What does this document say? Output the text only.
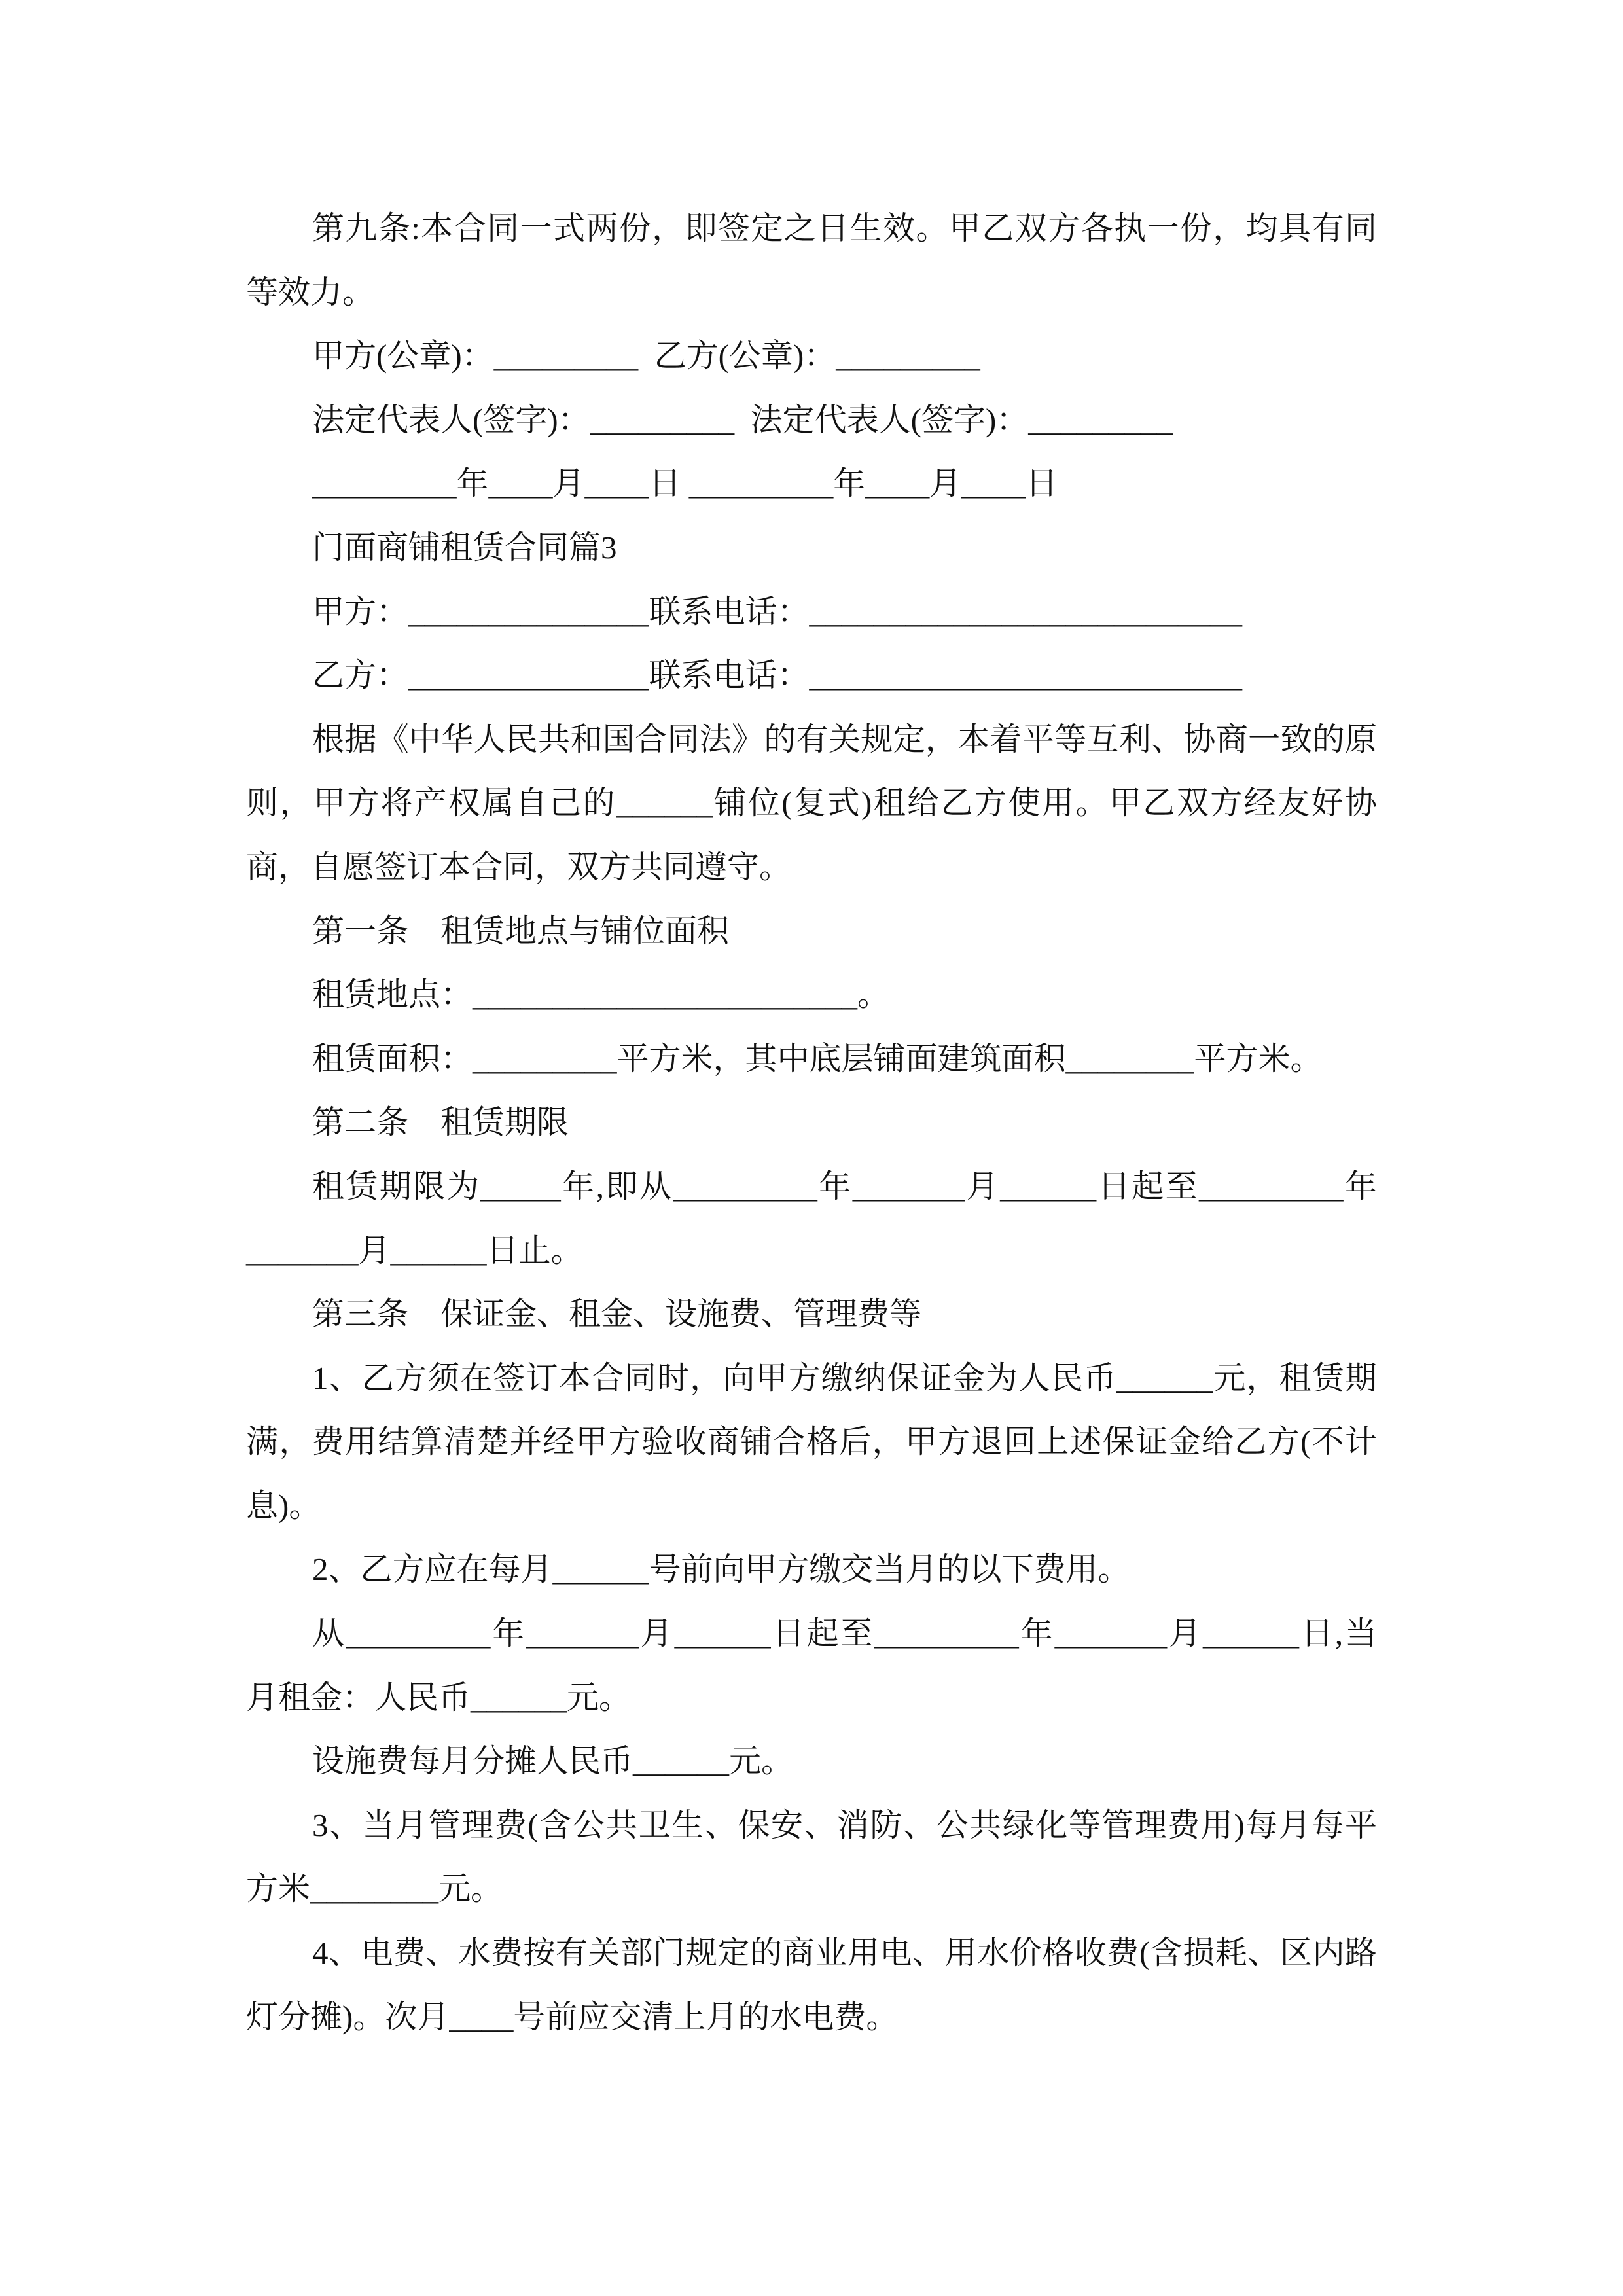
第九条:本合同一式两份，即签定之日生效。甲乙双方各执一份，均具有同
等效力。
甲方(公章)：_________  乙方(公章)：_________
法定代表人(签字)：_________  法定代表人(签字)：_________
_________年____月____日 _________年____月____日
门面商铺租赁合同篇3
甲方：_______________联系电话：___________________________
乙方：_______________联系电话：___________________________
根据《中华人民共和国合同法》的有关规定，本着平等互利、协商一致的原
则，甲方将产权属自己的______铺位(复式)租给乙方使用。甲乙双方经友好协
商，自愿签订本合同，双方共同遵守。
第一条　租赁地点与铺位面积
租赁地点：________________________。
租赁面积：_________平方米，其中底层铺面建筑面积________平方米。
第二条　租赁期限
租赁期限为_____年,即从_________年_______月______日起至_________年
_______月______日止。
第三条　保证金、租金、设施费、管理费等
1、乙方须在签订本合同时，向甲方缴纳保证金为人民币______元，租赁期
满，费用结算清楚并经甲方验收商铺合格后，甲方退回上述保证金给乙方(不计
息)。
2、乙方应在每月______号前向甲方缴交当月的以下费用。
从_________年_______月______日起至_________年_______月______日,当
月租金：人民币______元。
设施费每月分摊人民币______元。
3、当月管理费(含公共卫生、保安、消防、公共绿化等管理费用)每月每平
方米________元。
4、电费、水费按有关部门规定的商业用电、用水价格收费(含损耗、区内路
灯分摊)。次月____号前应交清上月的水电费。
